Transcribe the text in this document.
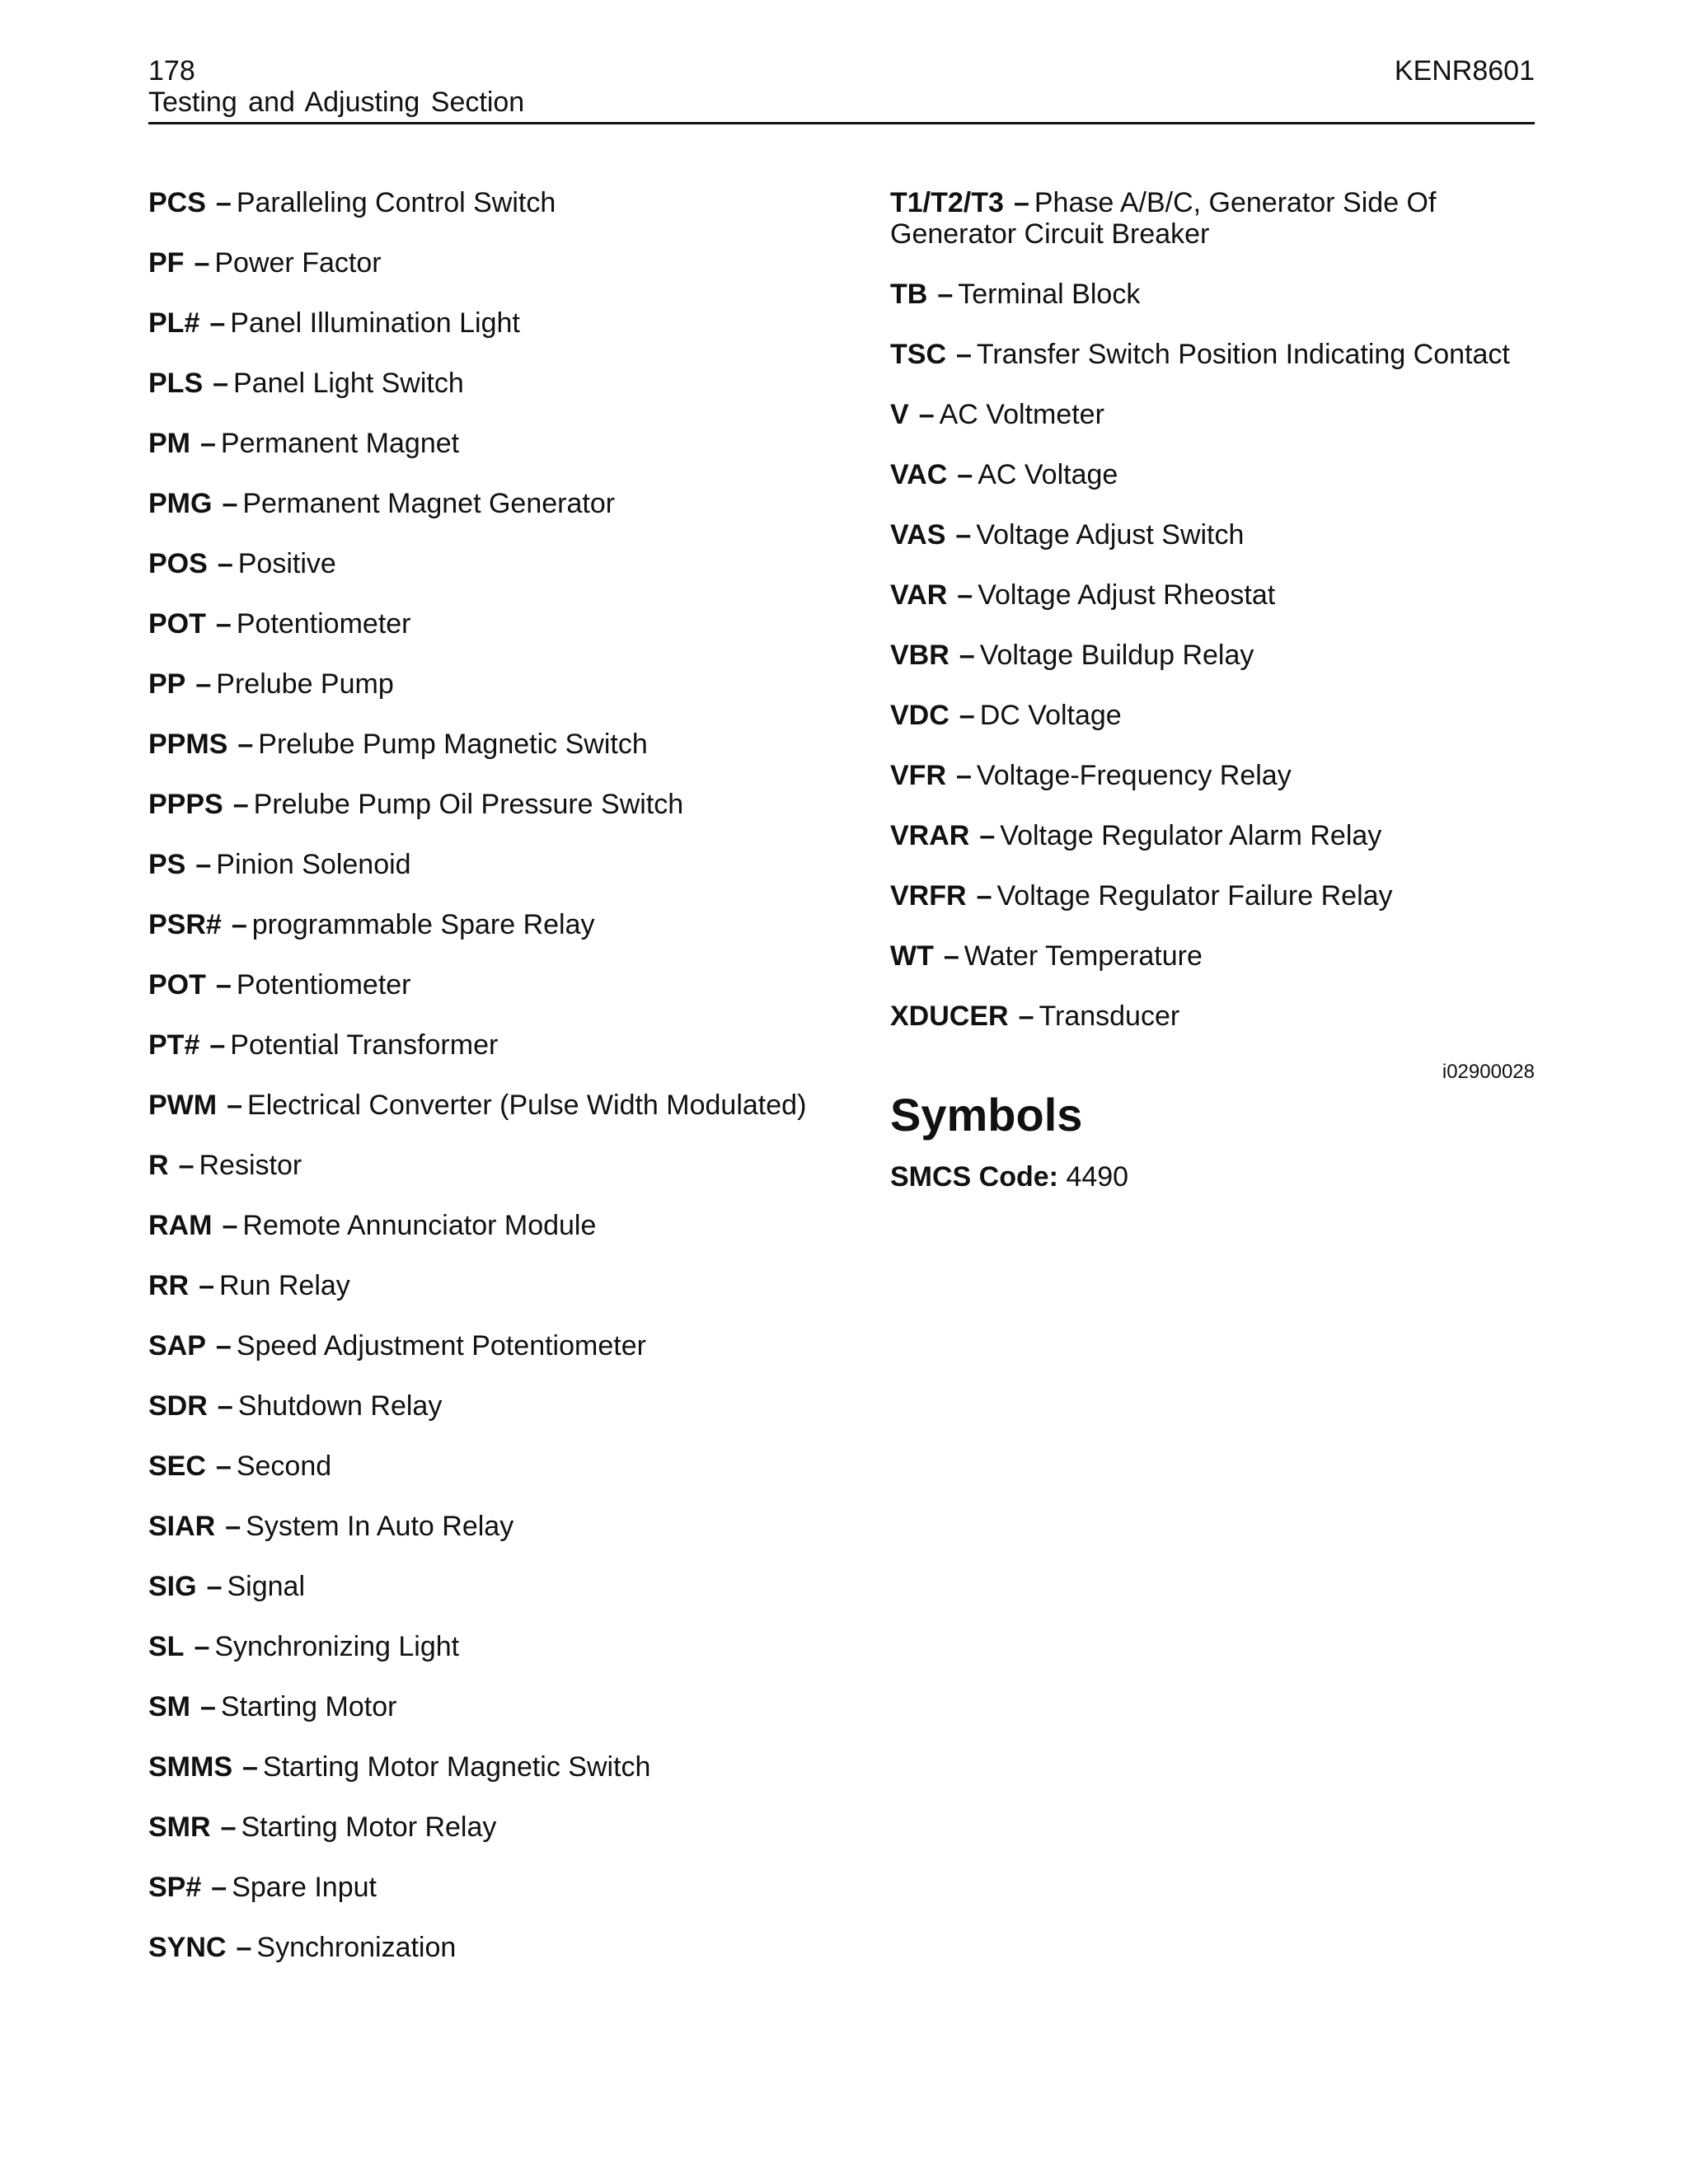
178
Testing and Adjusting Section
KENR8601
PCS – Paralleling Control Switch
PF – Power Factor
PL# – Panel Illumination Light
PLS – Panel Light Switch
PM – Permanent Magnet
PMG – Permanent Magnet Generator
POS – Positive
POT – Potentiometer
PP – Prelube Pump
PPMS – Prelube Pump Magnetic Switch
PPPS – Prelube Pump Oil Pressure Switch
PS – Pinion Solenoid
PSR# – programmable Spare Relay
POT – Potentiometer
PT# – Potential Transformer
PWM – Electrical Converter (Pulse Width Modulated)
R – Resistor
RAM – Remote Annunciator Module
RR – Run Relay
SAP – Speed Adjustment Potentiometer
SDR – Shutdown Relay
SEC – Second
SIAR – System In Auto Relay
SIG – Signal
SL – Synchronizing Light
SM – Starting Motor
SMMS – Starting Motor Magnetic Switch
SMR – Starting Motor Relay
SP# – Spare Input
SYNC – Synchronization
T1/T2/T3 – Phase A/B/C, Generator Side Of Generator Circuit Breaker
TB – Terminal Block
TSC – Transfer Switch Position Indicating Contact
V – AC Voltmeter
VAC – AC Voltage
VAS – Voltage Adjust Switch
VAR – Voltage Adjust Rheostat
VBR – Voltage Buildup Relay
VDC – DC Voltage
VFR – Voltage-Frequency Relay
VRAR – Voltage Regulator Alarm Relay
VRFR – Voltage Regulator Failure Relay
WT – Water Temperature
XDUCER – Transducer
i02900028
Symbols
SMCS Code: 4490
